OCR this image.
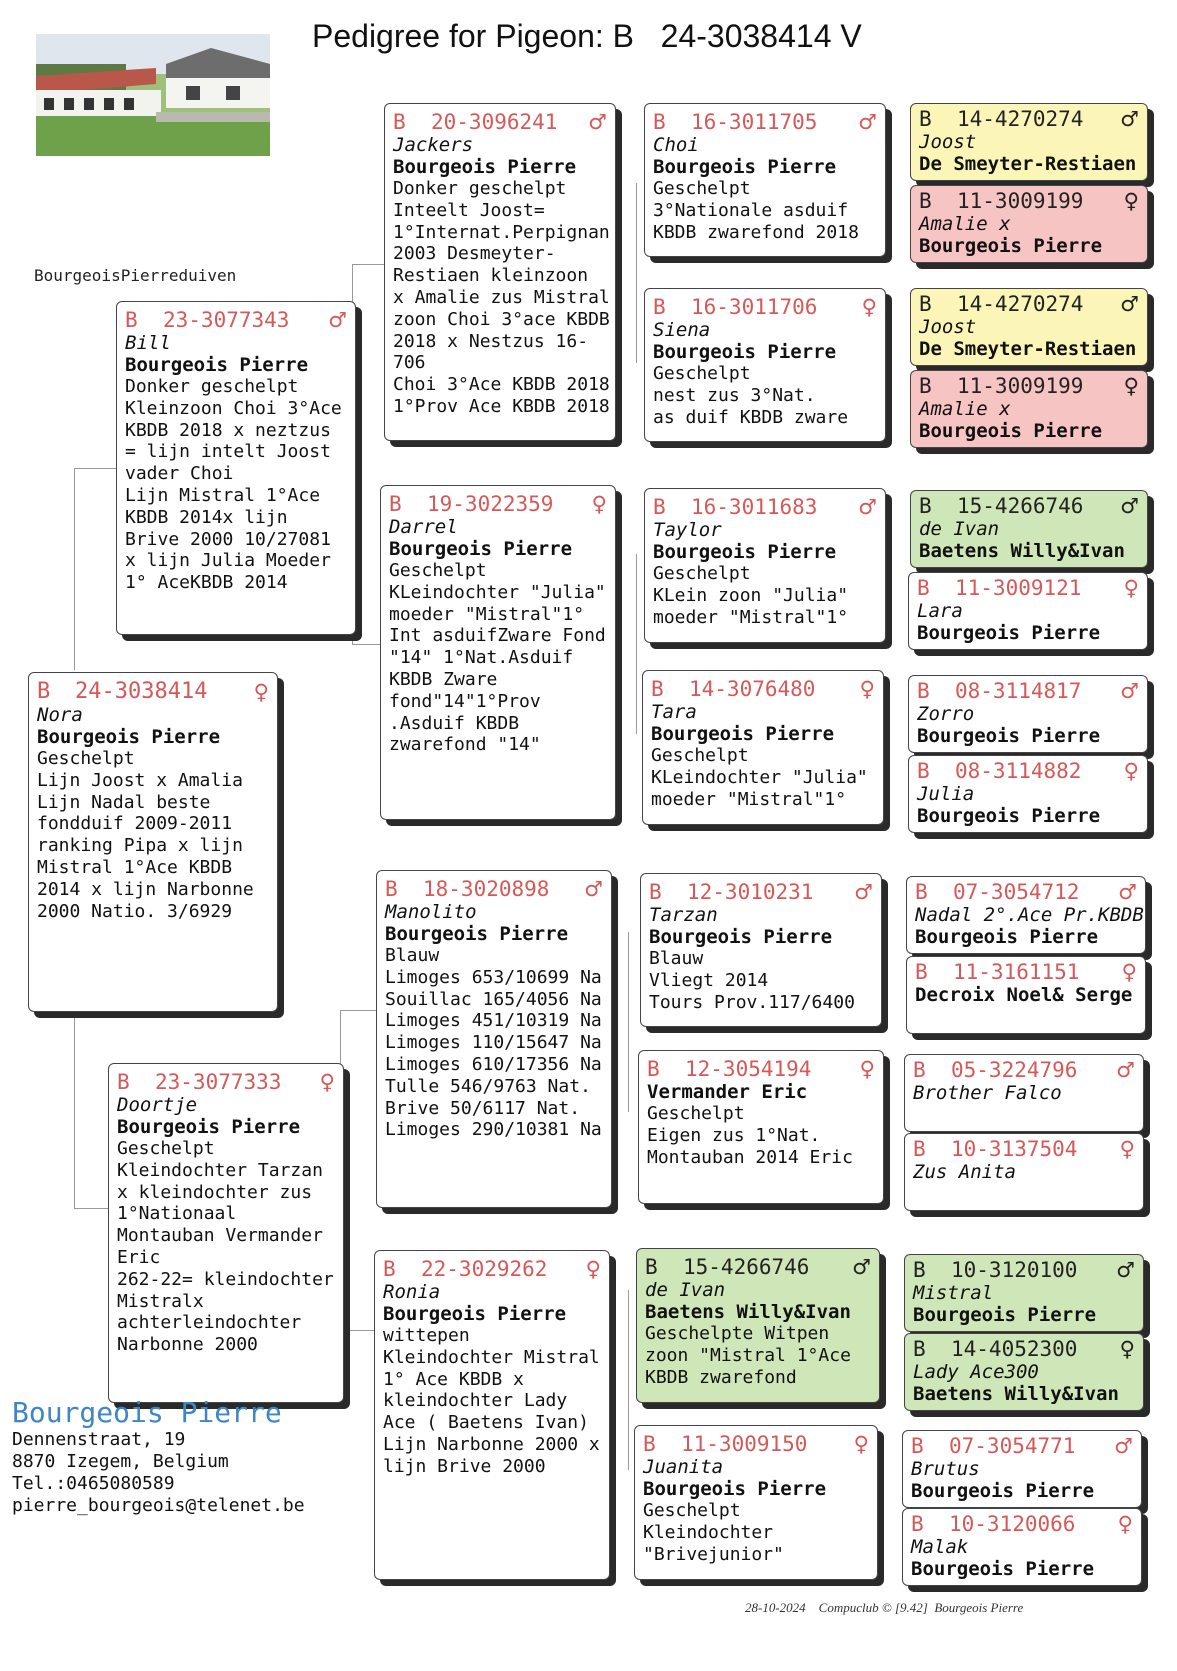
Pedigree for Pigeon: B   24-3038414 V
BourgeoisPierreduiven
B	24-3038414	♀
Nora
Bourgeois Pierre
Geschelpt
Lijn Joost x Amalia
Lijn Nadal beste
fondduif 2009-2011
ranking Pipa x lijn
Mistral 1°Ace KBDB
2014 x lijn Narbonne
2000 Natio. 3/6929
B	23-3077343	♂
Bill
Bourgeois Pierre
Donker geschelpt
Kleinzoon Choi 3°Ace
KBDB 2018 x neztzus
= lijn intelt Joost
vader Choi
Lijn Mistral 1°Ace
KBDB 2014x lijn
Brive 2000 10/27081
x lijn Julia Moeder
1° AceKBDB 2014
B	23-3077333	♀
Doortje
Bourgeois Pierre
Geschelpt
Kleindochter Tarzan
x kleindochter zus
1°Nationaal
Montauban Vermander
Eric
262-22= kleindochter
Mistralx
achterleindochter
Narbonne 2000
B	20-3096241	♂
Jackers
Bourgeois Pierre
Donker geschelpt
Inteelt Joost=
1°Internat.Perpignan
2003 Desmeyter-
Restiaen kleinzoon
x Amalie zus Mistral
zoon Choi 3°ace KBDB
2018 x Nestzus 16-
706
Choi 3°Ace KBDB 2018
1°Prov Ace KBDB 2018
B	19-3022359	♀
Darrel
Bourgeois Pierre
Geschelpt
KLeindochter "Julia"
moeder "Mistral"1°
Int asduifZware Fond
"14" 1°Nat.Asduif
KBDB Zware
fond"14"1°Prov
.Asduif KBDB
zwarefond "14"
B	18-3020898	♂
Manolito
Bourgeois Pierre
Blauw
Limoges 653/10699 Na
Souillac 165/4056 Na
Limoges 451/10319 Na
Limoges 110/15647 Na
Limoges 610/17356 Na
Tulle 546/9763 Nat.
Brive 50/6117 Nat.
Limoges 290/10381 Na
B	22-3029262	♀
Ronia
Bourgeois Pierre
wittepen
Kleindochter Mistral
1° Ace KBDB x
kleindochter Lady
Ace ( Baetens Ivan)
Lijn Narbonne 2000 x
lijn Brive 2000
B	16-3011705	♂
Choi
Bourgeois Pierre
Geschelpt
3°Nationale asduif
KBDB zwarefond 2018
B	16-3011706	♀
Siena
Bourgeois Pierre
Geschelpt
nest zus 3°Nat.
as duif KBDB zware
B	16-3011683	♂
Taylor
Bourgeois Pierre
Geschelpt
KLein zoon "Julia"
moeder "Mistral"1°
B	14-3076480	♀
Tara
Bourgeois Pierre
Geschelpt
KLeindochter "Julia"
moeder "Mistral"1°
B	12-3010231	♂
Tarzan
Bourgeois Pierre
Blauw
Vliegt 2014
Tours Prov.117/6400
B	12-3054194	♀
Vermander Eric
Geschelpt
Eigen zus 1°Nat.
Montauban 2014 Eric
B	15-4266746	♂
de Ivan
Baetens Willy&Ivan
Geschelpte Witpen
zoon "Mistral 1°Ace
KBDB zwarefond
B	11-3009150	♀
Juanita
Bourgeois Pierre
Geschelpt
Kleindochter
"Brivejunior"
B	14-4270274	♂
Joost
De Smeyter-Restiaen
B	11-3009199	♀
Amalie x
Bourgeois Pierre
B	14-4270274	♂
Joost
De Smeyter-Restiaen
B	11-3009199	♀
Amalie x
Bourgeois Pierre
B	15-4266746	♂
de Ivan
Baetens Willy&Ivan
B	11-3009121	♀
Lara
Bourgeois Pierre
B	08-3114817	♂
Zorro
Bourgeois Pierre
B	08-3114882	♀
Julia
Bourgeois Pierre
B	07-3054712	♂
Nadal 2°.Ace Pr.KBDB
Bourgeois Pierre
B	11-3161151	♀
Decroix Noel& Serge
B	05-3224796	♂
Brother Falco
B	10-3137504	♀
Zus Anita
B	10-3120100	♂
Mistral
Bourgeois Pierre
B	14-4052300	♀
Lady Ace300
Baetens Willy&Ivan
B	07-3054771	♂
Brutus
Bourgeois Pierre
B	10-3120066	♀
Malak
Bourgeois Pierre
Bourgeois Pierre
Dennenstraat, 19
8870 Izegem, Belgium
Tel.:0465080589
pierre_bourgeois@telenet.be
28-10-2024    Compuclub © [9.42]  Bourgeois Pierre
